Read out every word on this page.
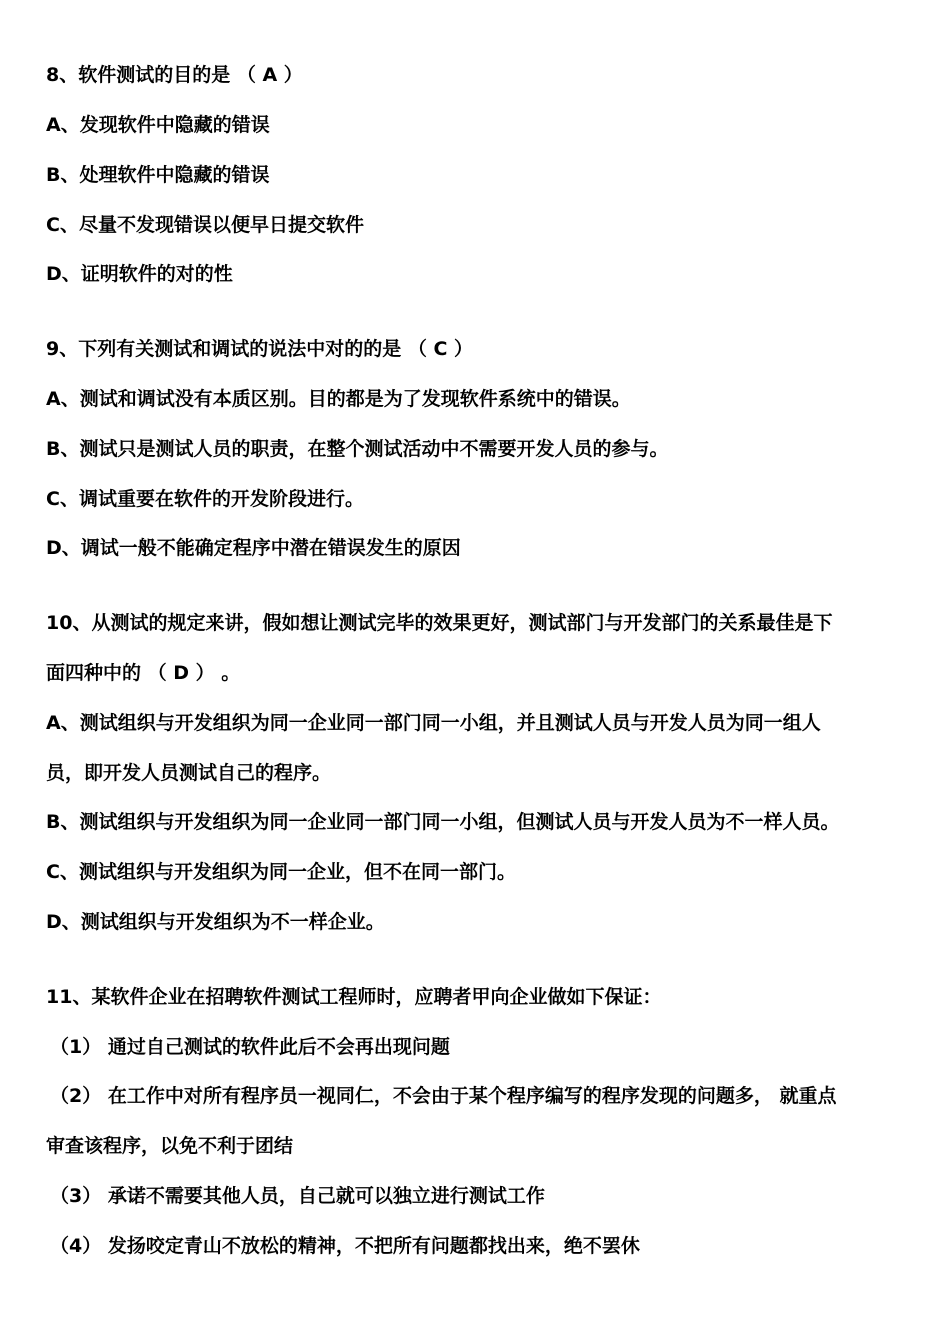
8、软件测试的目的是 （ A ）
A、发现软件中隐藏的错误
B、处理软件中隐藏的错误
C、尽量不发现错误以便早日提交软件
D、证明软件的对的性
9、下列有关测试和调试的说法中对的的是 （ C ）
A、测试和调试没有本质区别。目的都是为了发现软件系统中的错误。
B、测试只是测试人员的职责，在整个测试活动中不需要开发人员的参与。
C、调试重要在软件的开发阶段进行。
D、调试一般不能确定程序中潜在错误发生的原因
10、从测试的规定来讲，假如想让测试完毕的效果更好，测试部门与开发部门的关系最佳是下
面四种中的 （ D ） 。
A、测试组织与开发组织为同一企业同一部门同一小组，并且测试人员与开发人员为同一组人
员，即开发人员测试自己的程序。
B、测试组织与开发组织为同一企业同一部门同一小组，但测试人员与开发人员为不一样人员。
C、测试组织与开发组织为同一企业，但不在同一部门。
D、测试组织与开发组织为不一样企业。
11、某软件企业在招聘软件测试工程师时，应聘者甲向企业做如下保证：
（1） 通过自己测试的软件此后不会再出现问题
（2） 在工作中对所有程序员一视同仁，不会由于某个程序编写的程序发现的问题多， 就重点
审查该程序，以免不利于团结
（3） 承诺不需要其他人员，自己就可以独立进行测试工作
（4） 发扬咬定青山不放松的精神，不把所有问题都找出来，绝不罢休
